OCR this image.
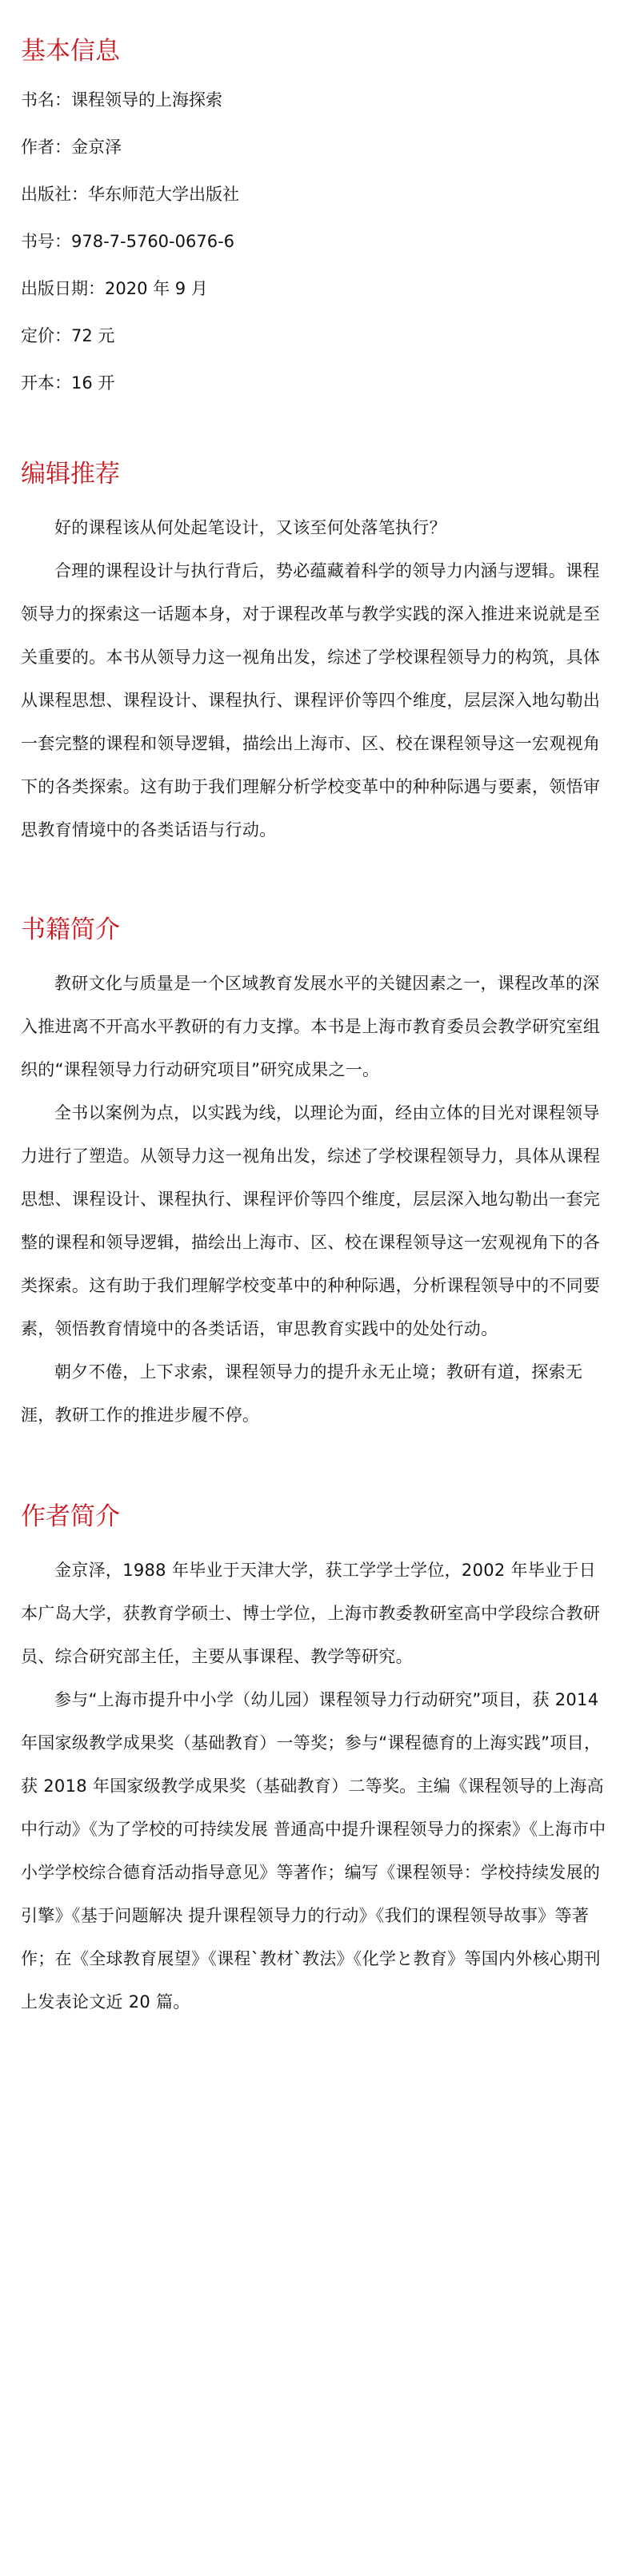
基本信息
书名：课程领导的上海探索
作者：金京泽
出版社：华东师范大学出版社
书号：978-7-5760-0676-6
出版日期：2020 年 9 月
定价：72 元
开本：16 开
编辑推荐

好的课程该从何处起笔设计，又该至何处落笔执行？

合理的课程设计与执行背后，势必蕴藏着科学的领导力内涵与逻辑。课程领导力的探索这一话题本身，对于课程改革与教学实践的深入推进来说就是至关重要的。本书从领导力这一视角出发，综述了学校课程领导力的构筑，具体从课程思想、课程设计、课程执行、课程评价等四个维度，层层深入地勾勒出一套完整的课程和领导逻辑，描绘出上海市、区、校在课程领导这一宏观视角下的各类探索。这有助于我们理解分析学校变革中的种种际遇与要素，领悟审思教育情境中的各类话语与行动。

书籍简介

教研文化与质量是一个区域教育发展水平的关键因素之一，课程改革的深入推进离不开高水平教研的有力支撑。本书是上海市教育委员会教学研究室组织的“课程领导力行动研究项目”研究成果之一。

全书以案例为点，以实践为线，以理论为面，经由立体的目光对课程领导力进行了塑造。从领导力这一视角出发，综述了学校课程领导力，具体从课程思想、课程设计、课程执行、课程评价等四个维度，层层深入地勾勒出一套完整的课程和领导逻辑，描绘出上海市、区、校在课程领导这一宏观视角下的各类探索。这有助于我们理解学校变革中的种种际遇，分析课程领导中的不同要素，领悟教育情境中的各类话语，审思教育实践中的处处行动。

朝夕不倦，上下求索，课程领导力的提升永无止境；教研有道，探索无涯，教研工作的推进步履不停。

作者简介

金京泽，1988 年毕业于天津大学，获工学学士学位，2002 年毕业于日本广岛大学，获教育学硕士、博士学位，上海市教委教研室高中学段综合教研员、综合研究部主任，主要从事课程、教学等研究。

参与“上海市提升中小学（幼儿园）课程领导力行动研究”项目，获 2014 年国家级教学成果奖（基础教育）一等奖；参与“课程德育的上海实践”项目，获 2018 年国家级教学成果奖（基础教育）二等奖。主编《课程领导的上海高中行动》《为了学校的可持续发展 普通高中提升课程领导力的探索》《上海市中小学学校综合德育活动指导意见》等著作；编写《课程领导：学校持续发展的引擎》《基于问题解决 提升课程领导力的行动》《我们的课程领导故事》等著作；在《全球教育展望》《课程`教材`教法》《化学と教育》等国内外核心期刊上发表论文近 20 篇。
